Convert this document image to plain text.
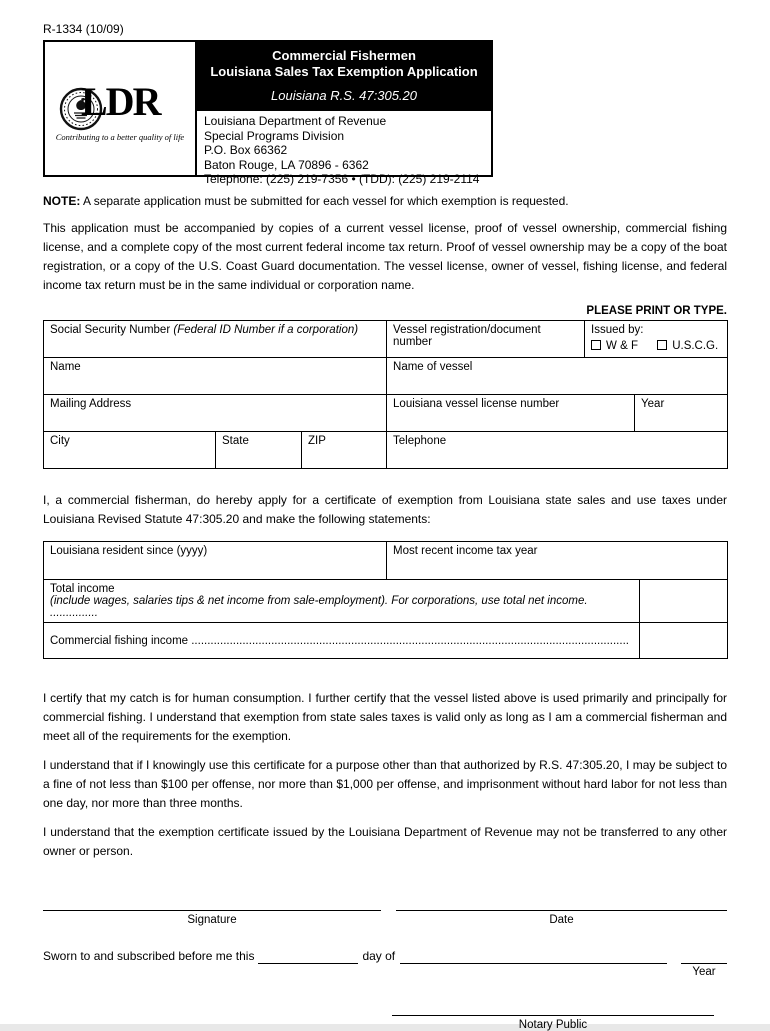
R-1334 (10/09)
LDR
Contributing to a better quality of life
Commercial Fishermen
Louisiana Sales Tax Exemption Application
Louisiana R.S. 47:305.20
Louisiana Department of Revenue
Special Programs Division
P.O. Box 66362
Baton Rouge, LA 70896 - 6362
Telephone: (225) 219-7356 • (TDD): (225) 219-2114
NOTE: A separate application must be submitted for each vessel for which exemption is requested.
This application must be accompanied by copies of a current vessel license, proof of vessel ownership, commercial fishing license, and a complete copy of the most current federal income tax return. Proof of vessel ownership may be a copy of the boat registration, or a copy of the U.S. Coast Guard documentation. The vessel license, owner of vessel, fishing license, and federal income tax return must be in the same individual or corporation name.
PLEASE PRINT OR TYPE.
Social Security Number (Federal ID Number if a corporation)			Vessel registration/document number	Issued by:
W & F U.S.C.G.	

Name			Name of vessel		
Mailing Address			Louisiana vessel license number		Year
City	State	ZIP	Telephone		
I, a commercial fisherman, do hereby apply for a certificate of exemption from Louisiana state sales and use taxes under Louisiana Revised Statute 47:305.20 and make the following statements:
Louisiana resident since (yyyy)	Most recent income tax year	

Total income
(include wages, salaries tips & net income from sale-employment). For corporations, use total net income. ...............		

Commercial fishing income .........................................................................................................................................		
I certify that my catch is for human consumption. I further certify that the vessel listed above is used primarily and principally for commercial fishing. I understand that exemption from state sales taxes is valid only as long as I am a commercial fisherman and meet all of the requirements for the exemption.
I understand that if I knowingly use this certificate for a purpose other than that authorized by R.S. 47:305.20, I may be subject to a fine of not less than $100 per offense, nor more than $1,000 per offense, and imprisonment without hard labor for not less than one day, nor more than three months.
I understand that the exemption certificate issued by the Louisiana Department of Revenue may not be transferred to any other owner or person.
Signature	Date
Sworn to and subscribed before me this	day of
Year
Notary Public
